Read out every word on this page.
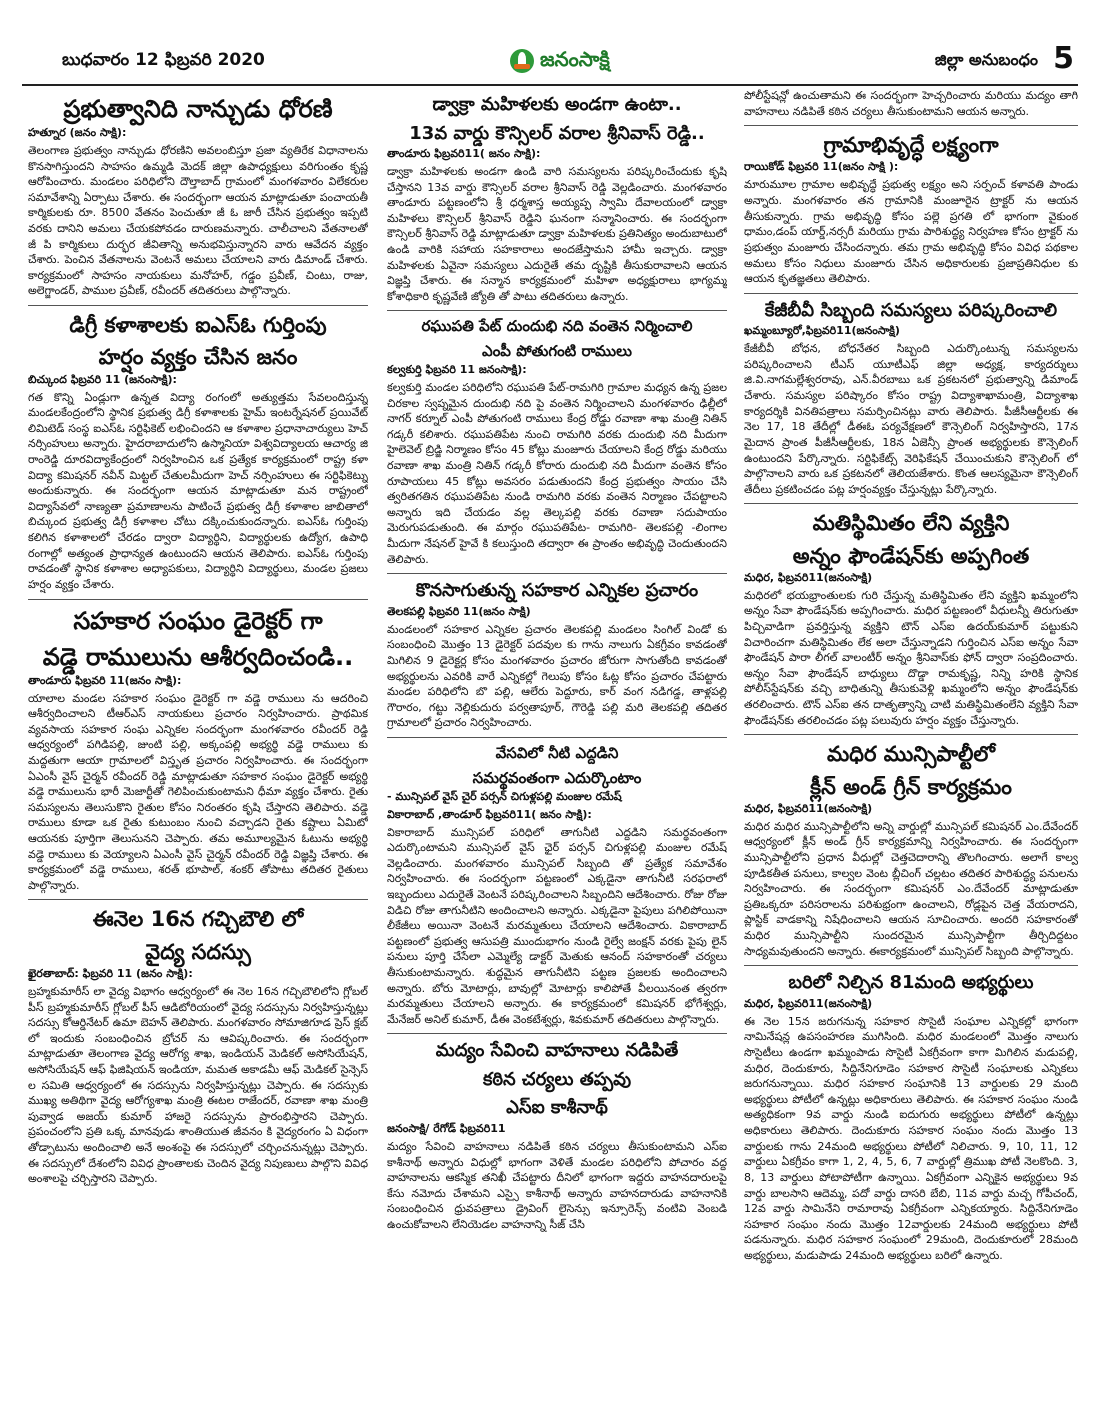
బుధవారం 12 ఫిబ్రవరి 2020	జనంసాక్షి	జిల్లా అనుబంధం 5
ప్రభుత్వానిది నాన్చుడు ధోరణి
హత్నూర (జనం సాక్షి):

తెలంగాణ ప్రభుత్వం నాన్చుడు ధోరణిని అవలంబిస్తూ ప్రజా వ్యతిరేక విధానాలను కొనసాగిస్తుందని సాహసం ఉమ్మడి మెదక్ జిల్లా ఉపాధ్యక్షులు వరిగుంతం కృష్ణ ఆరోపించారు. మండలం పరిధిలోని దౌల్తాబాద్ గ్రామంలో మంగళవారం విలేకరుల సమావేశాన్ని ఏర్పాటు చేశారు. ఈ సందర్భంగా ఆయన మాట్లాడుతూ పంచాయతీ కార్మికులకు రూ. 8500 వేతనం పెంచుతూ జీ ఓ జారీ చేసిన ప్రభుత్వం ఇప్పటి వరకు దానిని అమలు చేయకపోవడం దారుణమన్నారు. చాలీచాలని వేతనాలతో జీ పి కార్మికులు దుర్భర జీవితాన్ని అనుభవిస్తున్నారని వారు ఆవేదన వ్యక్తం చేశారు. పెంచిన వేతనాలను వెంటనే అమలు చేయాలని వారు డిమాండ్ చేశారు. కార్యక్రమంలో సాహసం నాయకులు మనోహర్, గడ్డం ప్రవీణ్, చింటు, రాజు, అలెగ్జాండర్, పాముల ప్రవీణ్, రవీందర్ తదితరులు పాల్గొన్నారు.

డిగ్రీ కళాశాలకు ఐఎస్ఓ గుర్తింపు
హర్షం వ్యక్తం చేసిన జనం
బిచ్కుంద ఫిబ్రవరి 11 (జనంసాక్షి):

గత కొన్ని ఏండ్లుగా ఉన్నత విద్యా రంగంలో అత్యుత్తమ సేవలందిస్తున్న మండలకేంద్రంలోని స్థానిక ప్రభుత్వ డిగ్రీ కళాశాలకు హైమ్ ఇంటర్నేషనల్ ప్రయివేట్ లిమిటెడ్ సంస్థ ఐఎస్ఓ సర్టిఫికెట్ లభించిందని ఆ కళాశాల ప్రధానాచార్యులు హెచ్ నర్సింహులు అన్నారు. హైదరాబాదులోని ఉస్మానియా విశ్వవిద్యాలయ ఆచార్య జి రాంరెడ్డి దూరవిద్యాకేంద్రంలో నిర్వహించిన ఒక ప్రత్యేక కార్యక్రమంలో రాష్ట్ర కళా విద్యా కమిషనర్ నవీన్ మిట్టల్ చేతులమీదుగా హెచ్ నర్సింహులు ఈ సర్టిఫికెట్ను అందుకున్నారు. ఈ సందర్భంగా ఆయన మాట్లాడుతూ మన రాష్ట్రంలో విద్యాసేవలో నాణ్యతా ప్రమాణాలను పాటించే ప్రభుత్వ డిగ్రీ కళాశాల జాబితాలో బిచ్కుంద ప్రభుత్వ డిగ్రీ కళాశాల చోటు దక్కించుకుందన్నారు. ఐఎస్ఓ గుర్తింపు కలిగిన కళాశాలలో చేరడం ద్వారా విద్యార్థిని, విద్యార్థులకు ఉద్యోగ, ఉపాధి రంగాల్లో అత్యంత ప్రాధాన్యత ఉంటుందని ఆయన తెలిపారు. ఐఎస్ఓ గుర్తింపు రావడంతో స్థానిక కళాశాల అధ్యాపకులు, విద్యార్థిని విద్యార్థులు, మండల ప్రజలు హర్షం వ్యక్తం చేశారు.

సహకార సంఘం డైరెక్టర్ గా
వడ్డె రాములును ఆశీర్వదించండి..
తాండూరు ఫిబ్రవరి 11(జనం సాక్షి):

యాలాల మండల సహకార సంఘం డైరెక్టర్ గా వడ్డె రాములు ను ఆదరించి ఆశీర్వదించాలని టీఆర్ఎస్ నాయకులు ప్రచారం నిర్వహించారు. ప్రాథమిక వ్యవసాయ సహకార సంఘ ఎన్నికల సందర్భంగా మంగళవారం రవీందర్ రెడ్డి ఆధ్వర్యంలో పగిడిపల్లి, జుంటి పల్లి, అక్కంపల్లి అభ్యర్థి వడ్డె రాములు కు మద్దతుగా ఆయా గ్రామాలలో విస్తృత ప్రచారం నిర్వహించారు. ఈ సందర్భంగా ఏఎంసీ వైస్ చైర్మన్ రవీందర్ రెడ్డి మాట్లాడుతూ సహకార సంఘం డైరెక్టర్ అభ్యర్థి వడ్డె రాములును భారీ మెజార్టీతో గెలిపించుకుంటామని ధీమా వ్యక్తం చేశారు. రైతు సమస్యలను తెలుసుకొని రైతుల కోసం నిరంతరం కృషి చేస్తారని తెలిపారు. వడ్డె రాములు కూడా ఒక రైతు కుటుంబం నుంచి వచ్చాడని రైతు కష్టాలు ఏమిటో ఆయనకు పూర్తిగా తెలుసునని చెప్పారు. తమ అమూల్యమైన ఓటును అభ్యర్థి వడ్డె రాములు కు వెయ్యాలని ఏఎంసీ వైస్ చైర్మన్ రవీందర్ రెడ్డి విజ్ఞప్తి చేశారు. ఈ కార్యక్రమంలో వడ్డె రాములు, శరత్ భూపాల్, శంకర్ తోపాటు తదితర రైతులు పాల్గొన్నారు.

ఈనెల 16న గచ్చిబౌలి లో
వైద్య సదస్సు
ఖైరతాబాద్: ఫిబ్రవరి 11 (జనం సాక్షి):

బ్రహ్మకుమారీస్ లా వైద్య విభాగం ఆధ్వర్యంలో ఈ నెల 16న గచ్చిబౌలిలోని గ్లోబల్ పీస్ బ్రహ్మకుమారీస్ గ్లోబల్ పీస్ ఆడిటోరియంలో వైద్య సదస్సును నిర్వహిస్తున్నట్లు సదస్సు కోఆర్డినేటర్ ఉమా బెహన్ తెలిపారు. మంగళవారం సోమాజిగూడ ప్రెస్ క్లబ్ లో ఇందుకు సంబంధించిన బ్రోచర్ ను ఆవిష్కరించారు. ఈ సందర్భంగా మాట్లాడుతూ తెలంగాణ వైద్య ఆరోగ్య శాఖ, ఇండియన్ మెడికల్ అసోసియేషన్, అసోసియేషన్ ఆఫ్ ఫిజిషియన్ ఇండియా, మమత అకాడమీ ఆఫ్ మెడికల్ సైన్సెస్ ల సమితి ఆధ్వర్యంలో ఈ సదస్సును నిర్వహిస్తున్నట్లు చెప్పారు. ఈ సదస్సుకు ముఖ్య అతిథిగా వైద్య ఆరోగ్యశాఖ మంత్రి ఈటల రాజేందర్, రవాణా శాఖ మంత్రి పువ్వాడ అజయ్ కుమార్ హాజరై సదస్సును ప్రారంభిస్తారని చెప్పారు. ప్రపంచంలోని ప్రతి ఒక్క మానవుడు శాంతియుత జీవనం కి వైద్యరంగం ఏ విధంగా తోడ్పాటును అందించాలి అనే అంశంపై ఈ సదస్సులో చర్చించనున్నట్లు చెప్పారు. ఈ సదస్సులో దేశంలోని వివిధ ప్రాంతాలకు చెందిన వైద్య నిపుణులు పాల్గొని వివిధ అంశాలపై చర్చిస్తారని చెప్పారు.

డ్వాక్రా మహిళలకు అండగా ఉంటా..
13వ వార్డు కౌన్సిలర్ వరాల శ్రీనివాస్ రెడ్డి..
తాండూరు ఫిబ్రవరి11( జనం సాక్షి):

డ్వాక్రా మహిళలకు అండగా ఉండి వారి సమస్యలను పరిష్కరించేందుకు కృషి చేస్తానని 13వ వార్డు కౌన్సిలర్ వరాల శ్రీనివాస్ రెడ్డి వెల్లడించారు. మంగళవారం తాండూరు పట్టణంలోని శ్రీ ధర్మశాస్త అయ్యప్ప స్వామి దేవాలయంలో డ్వాక్రా మహిళలు కౌన్సిలర్ శ్రీనివాస్ రెడ్డిని ఘనంగా సన్మానించారు. ఈ సందర్భంగా కౌన్సిలర్ శ్రీనివాస్ రెడ్డి మాట్లాడుతూ డ్వాక్రా మహిళలకు ప్రతినిత్యం అందుబాటులో ఉండి వారికి సహాయ సహకారాలు అందజేస్తామని హామీ ఇచ్చారు. డ్వాక్రా మహిళలకు ఏవైనా సమస్యలు ఎదురైతే తమ దృష్టికి తీసుకురావాలని ఆయన విజ్ఞప్తి చేశారు. ఈ సన్మాన కార్యక్రమంలో మహిళా అధ్యక్షురాలు భాగ్యమ్మ కోశాధికారి కృష్ణవేణి జ్యోతి తో పాటు తదితరులు ఉన్నారు.

రఘుపతి పేట్ దుందుభి నది వంతెన నిర్మించాలి
ఎంపీ పోతుగంటి రాములు
కల్వకుర్తి ఫిబ్రవరి 11 జనంసాక్షి):

కల్వకుర్తి మండల పరిధిలోని రఘుపతి పేట్-రామగిరి గ్రామాల మధ్యన ఉన్న ప్రజల చిరకాల స్వప్నమైన దుందుభి నది పై వంతెన నిర్మించాలని మంగళవారం ఢిల్లీలో నాగర్ కర్నూల్ ఎంపీ పోతుగంటి రాములు కేంద్ర రోడ్డు రవాణా శాఖ మంత్రి నితిన్ గడ్కరీ కలిశారు. రఘుపతిపేట నుంచి రామగిరి వరకు దుందుభి నది మీదుగా హైలెవెల్ బ్రిడ్జి నిర్మాణం కోసం 45 కోట్లు మంజూరు చేయాలని కేంద్ర రోడ్డు మరియు రవాణా శాఖ మంత్రి నితిన్ గడ్కరీ కోరారు దుందుభి నది మీదుగా వంతెన కోసం రూపాయలు 45 కోట్లు అవసరం పడుతుందని కేంద్ర ప్రభుత్వం సాయం చేసి త్వరితగతిన రఘుపతిపేట నుండి రామగిరి వరకు వంతెన నిర్మాణం చేపట్టాలని అన్నారు ఇది చేయడం వల్ల తెల్కపల్లి వరకు రవాణా సదుపాయం మెరుగుపడుతుంది. ఈ మార్గం రఘుపతిపేట- రామగిరి- తెలకపల్లి -లింగాల మీదుగా నేషనల్ హైవే కి కలుస్తుంది తద్వారా ఈ ప్రాంతం అభివృద్ధి చెందుతుందని తెలిపారు.

కొనసాగుతున్న సహకార ఎన్నికల ప్రచారం
తెలకపల్లి ఫిబ్రవరి 11(జనం సాక్షి)

మండలంలో సహకార ఎన్నికల ప్రచారం తెలకపల్లి మండలం సింగిల్ విండో కు సంబంధించి మొత్తం 13 డైరెక్టర్ పదవుల కు గాను నాలుగు ఏకగ్రీవం కావడంతో మిగిలిన 9 డైరెక్టర్ల కోసం మంగళవారం ప్రచారం జోరుగా సాగుతోంది కావడంతో అభ్యర్థులను ఎవరికి వారే ఎన్నికల్లో గెలుపు కోసం ఓట్ల కోసం ప్రచారం చేపట్టారు మండల పరిధిలోని బొ పల్లి, ఆలేరు పెద్దూరు, కార్ వంగ నడిగడ్డ, తాళ్లపల్లి గౌరారం, గట్టు నెల్లికుదురు పర్వతాపూర్, గౌరెడ్డి పల్లి మరి తెలకపల్లి తదితర గ్రామాలలో ప్రచారం నిర్వహించారు.

వేసవిలో నీటి ఎద్దడిని
సమర్థవంతంగా ఎదుర్కొంటాం
- మున్సిపల్ వైస్ చైర్ పర్సన్ చిగుళ్లపల్లి మంజుల రమేష్
వికారాబాద్ ,తాండూర్ ఫిబ్రవరి11( జనం సాక్షి):

వికారాబాద్ మున్సిపల్ పరిధిలో తాగునీటి ఎద్దడిని సమర్థవంతంగా ఎదుర్కొంటామని మున్సిపల్ వైస్ ఛైర్ పర్సన్ చిగుళ్లపల్లి మంజుల రమేష్ వెల్లడించారు. మంగళవారం మున్సిపల్ సిబ్బంది తో ప్రత్యేక సమావేశం నిర్వహించారు. ఈ సందర్భంగా పట్టణంలో ఎక్కడైనా తాగునీటి సరఫరాలో ఇబ్బందులు ఎదురైతే వెంటనే పరిష్కరించాలని సిబ్బందిని ఆదేశించారు. రోజు రోజు విడిచి రోజు తాగునీటిని అందించాలని అన్నారు. ఎక్కడైనా పైపులు పగిలిపోయినా లీకేజీలు అయినా వెంటనే మరమ్మతులు చేయాలని ఆదేశించారు. వికారాబాద్ పట్టణంలో ప్రభుత్వ ఆసుపత్రి ముందుభాగం నుండి రైల్వే జంక్షన్ వరకు పైపు లైన్ పనులు పూర్తి చేసేలా ఎమ్మెల్యే డాక్టర్ మెతుకు ఆనంద్ సహకారంతో చర్యలు తీసుకుంటామన్నారు. శుద్ధమైన తాగునీటిని పట్టణ ప్రజలకు అందించాలని అన్నారు. బోరు మోటార్లు, బావుల్లో మోటార్లు కాలిపోతే వీలయినంత త్వరగా మరమ్మతులు చేయాలని అన్నారు. ఈ కార్యక్రమంలో కమిషనర్ భోగేశ్వర్లు, మేనేజర్ అనిల్ కుమార్, డీఈ వెంకటేశ్వర్లు, శివకుమార్ తదితరులు పాల్గొన్నారు.

మద్యం సేవించి వాహనాలు నడిపితే
కఠిన చర్యలు తప్పవు
ఎస్ఐ కాశీనాథ్
జనంసాక్షి/ రేగోడ్ ఫిబ్రవరి11

మద్యం సేవించి వాహనాలు నడిపితే కఠిన చర్యలు తీసుకుంటామని ఎస్ఐ కాశీనాథ్ అన్నారు విధుల్లో భాగంగా వెళితే మండల పరిధిలోని పోచారం వద్ద వాహనాలను ఆకస్మిక తనిఖీ చేపట్టారు దీనిలో భాగంగా ఇద్దరు వాహనదారులపై కేసు నమోదు చేశామని ఎస్సై కాశీనాథ్ అన్నారు వాహనదారుడు వాహనానికి సంబంధించిన ధ్రువపత్రాలు డ్రైవింగ్ లైసెన్సు ఇన్సూరెన్స్ వంటివి వెంబడి ఉంచుకోవాలని లేనియెడల వాహనాన్ని సీజ్ చేసి

పోలీస్టేషన్లో ఉంచుతామని ఈ సందర్భంగా హెచ్చరించారు మరియు మద్యం తాగి వాహనాలు నడిపితే కఠిన చర్యలు తీసుకుంటామని ఆయన అన్నారు.

గ్రామాభివృద్ధే లక్ష్యంగా
రాయికోడ్ ఫిబ్రవరి 11(జనం సాక్షి ):

మారుమూల గ్రామాల అభివృద్ధే ప్రభుత్వ లక్ష్యం అని సర్పంచ్ కళావతి పాండు అన్నారు. మంగళవారం తన గ్రామానికి మంజూరైన ట్రాక్టర్ ను ఆయన తీసుకున్నారు. గ్రామ అభివృద్ధి కోసం పల్లె ప్రగతి లో భాగంగా వైకుంఠ ధామం,డంప్ యార్డ్,నర్సరీ మరియు గ్రామ పారిశుద్ధ్య నిర్వహణ కోసం ట్రాక్టర్ ను ప్రభుత్వం మంజూరు చేసిందన్నారు. తమ గ్రామ అభివృద్ధి కోసం వివిధ పథకాల అమలు కోసం నిధులు మంజూరు చేసిన అధికారులకు ప్రజాప్రతినిధుల కు ఆయన కృతజ్ఞతలు తెలిపారు.

కేజీబీవీ సిబ్బంది సమస్యలు పరిష్కరించాలి
ఖమ్మంబ్యూరో,ఫిబ్రవరి11(జనంసాక్షి)

కేజీబీవీ బోధన, బోధనేతర సిబ్బంది ఎదుర్కొంటున్న సమస్యలను పరిష్కరించాలని టీఎస్ యూటీఎఫ్ జిల్లా అధ్యక్ష, కార్యదర్శులు జి.వి.నాగమల్లేశ్వరరావు, ఎన్.వీరబాబు ఒక ప్రకటనలో ప్రభుత్వాన్ని డిమాండ్ చేశారు. సమస్యల పరిష్కారం కోసం రాష్ట్ర విద్యాశాఖామంత్రి, విద్యాశాఖ కార్యదర్శికి వినతిపత్రాలు సమర్పించినట్లు వారు తెలిపారు. పీజీసీఆర్టీలకు ఈ నెల 17, 18 తేదీల్లో డీఈఓ పర్యవేక్షణలో కౌన్సెలింగ్ నిర్వహిస్తారని, 17న మైదాన ప్రాంత పీజీసీఆర్టీలకు, 18న ఏజెన్సీ ప్రాంత అభ్యర్థులకు కౌన్సెలింగ్ ఉంటుందని పేర్కొన్నారు. సర్టిఫికేట్స్ వెరిఫికేషన్ చేయించుకుని కౌన్సెలింగ్ లో పాల్గొనాలని వారు ఒక ప్రకటనలో తెలియజేశారు. కొంత ఆలస్యమైనా కౌన్సెలింగ్ తేదీలు ప్రకటించడం పట్ల హర్షంవ్యక్తం చేస్తున్నట్లు పేర్కొన్నారు.

మతిస్థిమితం లేని వ్యక్తిని
అన్నం ఫౌండేషన్‌కు అప్పగింత
మధిర, ఫిబ్రవరి11(జనంసాక్షి)

మధిరలో భయభ్రాంతులకు గురి చేస్తున్న మతిస్థిమితం లేని వ్యక్తిని ఖమ్మంలోని అన్నం సేవా ఫౌండేషన్‌కు అప్పగించారు. మధిర పట్టణంలో వీధులన్నీ తిరుగుతూ పిచ్చివాడిగా ప్రవర్తిస్తున్న వ్యక్తిని టౌన్ ఎస్ఐ ఉదయ్‌కుమార్ పట్టుకుని విచారించగా మతిస్థిమితం లేక అలా చేస్తున్నాడని గుర్తించిన ఎస్ఐ అన్నం సేవా ఫౌండేషన్ పారా లీగల్ వాలంటీర్ అన్నం శ్రీనివాస్‌కు ఫోన్ ద్వారా సంప్రదించారు. అన్నం సేవా ఫౌండేషన్ బాధ్యులు దొడ్డా రామకృష్ణ, నిన్ని హరికి స్థానిక పోలీస్‌స్టేషన్‌కు వచ్చి బాధితున్ని తీసుకువెళ్లి ఖమ్మంలోని అన్నం ఫౌండేషన్‌కు తరలించారు. టౌన్ ఎస్ఐ తన దాతృత్వాన్ని చాటి మతిస్థిమితంలేని వ్యక్తిని సేవా ఫౌండేషన్‌కు తరలించడం పట్ల పలువురు హర్షం వ్యక్తం చేస్తున్నారు.

మధిర మున్సిపాల్టీలో
క్లీన్ అండ్ గ్రీన్ కార్యక్రమం
మధిర, ఫిబ్రవరి11(జనంసాక్షి)

మధిర మధిర మున్సిపాల్టీలోని అన్ని వార్డుల్లో మున్సిపల్ కమిషనర్ ఎం.దేవేందర్ ఆధ్వర్యంలో క్లీన్ అండ్ గ్రీన్ కార్యక్రమాన్ని నిర్వహించారు. ఈ సందర్భంగా మున్సిపాల్టీలోని ప్రధాన వీధుల్లో చెత్తచెదారాన్ని తొలగించారు. అలాగే కాల్వ పూడికతీత పనులు, కాల్వల వెంట బ్లీచింగ్ చల్లటం తదితర పారిశుద్ధ్య పనులను నిర్వహించారు. ఈ సందర్భంగా కమిషనర్ ఎం.దేవేందర్ మాట్లాడుతూ ప్రతిఒక్కరూ పరిసరాలను పరిశుభ్రంగా ఉంచాలని, రోడ్లపైన చెత్త వేయరాదని, ప్లాస్టిక్ వాడకాన్ని నిషేధించాలని ఆయన సూచించారు. అందరి సహకారంతో మధిర మున్సిపాల్టీని సుందరమైన మున్సిపాల్టీగా తీర్చిదిద్దటం సాధ్యమవుతుందని అన్నారు. ఈకార్యక్రమంలో మున్సిపల్ సిబ్బంది పాల్గొన్నారు.

బరిలో నిల్చిన 81మంది అభ్యర్థులు
మధిర, ఫిబ్రవరి11(జనంసాక్షి)

ఈ నెల 15న జరుగనున్న సహకార సొసైటీ సంఘాల ఎన్నికల్లో భాగంగా నామినేషన్ల ఉపసంహరణ ముగిసింది. మధిర మండలంలో మొత్తం నాలుగు సొసైటీలు ఉండగా ఖమ్మంపాడు సొసైటీ ఏకగ్రీవంగా కాగా మిగిలిన మడుపల్లి, మధిర, దెందుకూరు, సిద్దినేనిగూడెం సహకార సొసైటీ సంఘాలకు ఎన్నికలు జరుగనున్నాయి. మధిర సహకార సంఘానికి 13 వార్డులకు 29 మంది అభ్యర్థులు పోటీలో ఉన్నట్లు అధికారులు తెలిపారు. ఈ సహకార సంఘం నుండి అత్యధికంగా 9వ వార్డు నుండి ఐదుగురు అభ్యర్థులు పోటీలో ఉన్నట్లు అధికారులు తెలిపారు. దెందుకూరు సహకార సంఘం నందు మొత్తం 13 వార్డులకు గాను 24మంది అభ్యర్థులు పోటీలో నిలిచారు. 9, 10, 11, 12 వార్డులు ఏకగ్రీవం కాగా 1, 2, 4, 5, 6, 7 వార్డుల్లో త్రిముఖ పోటీ నెలకొంది. 3, 8, 13 వార్డులు పోటాపోటీగా ఉన్నాయి. ఏకగ్రీవంగా ఎన్నికైన అభ్యర్థులు 9వ వార్డు బాలసాని ఆదెమ్మ, పదో వార్డు దాసరి బేబి, 11వ వార్డు మచ్చ గోపీచంద్, 12వ వార్డు సామినేని రామారావు ఏకగ్రీవంగా ఎన్నికయ్యారు. సిద్దినేనిగూడెం సహకార సంఘం నందు మొత్తం 12వార్డులకు 24మంది అభ్యర్థులు పోటీ పడనున్నారు. మధిర సహకార సంఘంలో 29మంది, దెందుకూరులో 28మంది అభ్యర్థులు, మడుపాడు 24మంది అభ్యర్థులు బరిలో ఉన్నారు.
